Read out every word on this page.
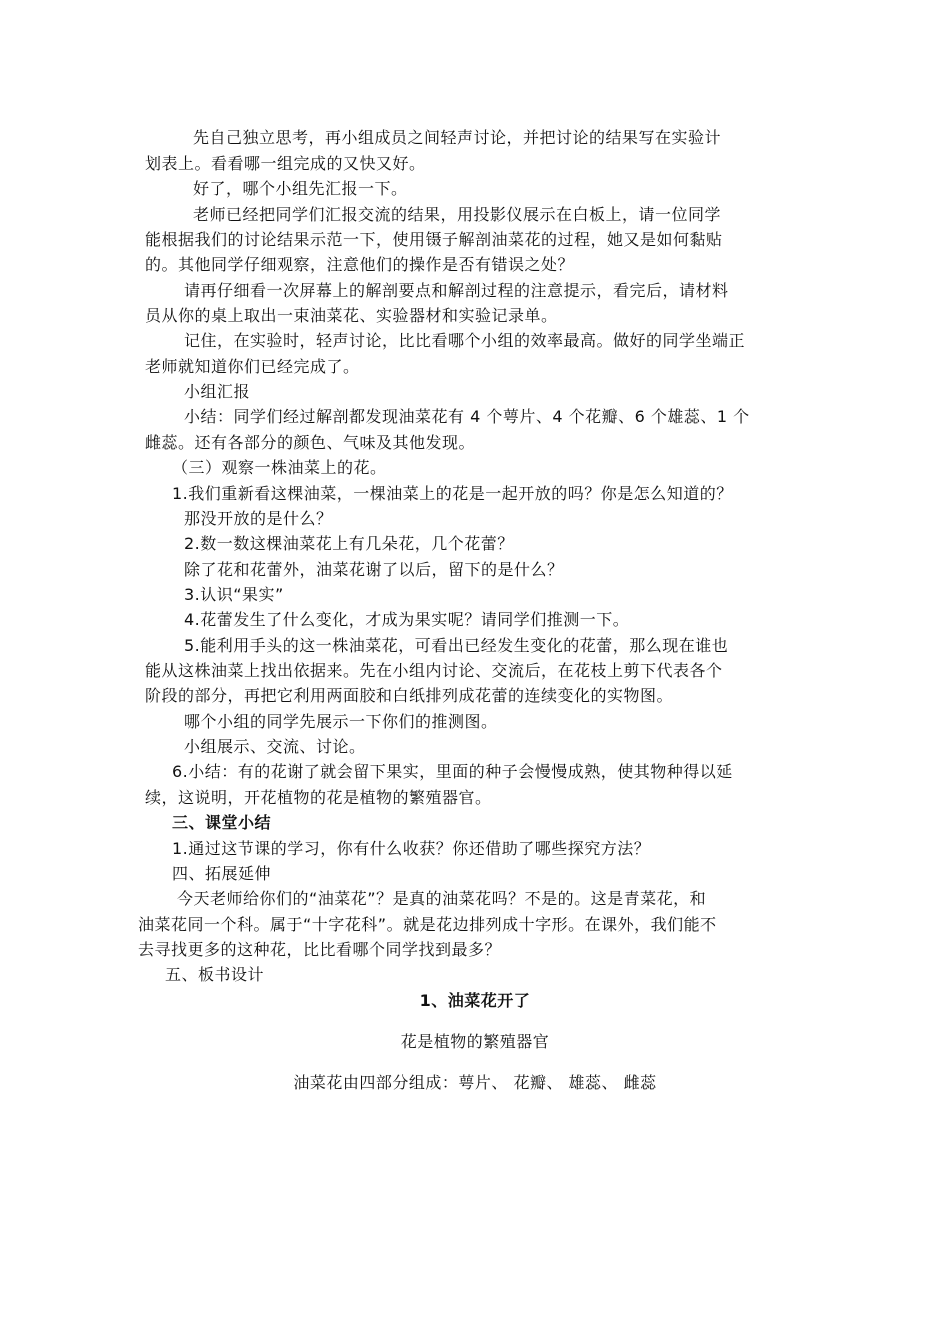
先自己独立思考，再小组成员之间轻声讨论，并把讨论的结果写在实验计
划表上。看看哪一组完成的又快又好。
好了，哪个小组先汇报一下。
老师已经把同学们汇报交流的结果，用投影仪展示在白板上，请一位同学
能根据我们的讨论结果示范一下，使用镊子解剖油菜花的过程，她又是如何黏贴
的。其他同学仔细观察，注意他们的操作是否有错误之处？
请再仔细看一次屏幕上的解剖要点和解剖过程的注意提示，看完后，请材料
员从你的桌上取出一束油菜花、实验器材和实验记录单。
记住，在实验时，轻声讨论，比比看哪个小组的效率最高。做好的同学坐端正
老师就知道你们已经完成了。
小组汇报
小结：同学们经过解剖都发现油菜花有 4 个萼片、4 个花瓣、6 个雄蕊、1 个
雌蕊。还有各部分的颜色、气味及其他发现。
（三）观察一株油菜上的花。
1.我们重新看这棵油菜，一棵油菜上的花是一起开放的吗？你是怎么知道的？
那没开放的是什么？
2.数一数这棵油菜花上有几朵花，几个花蕾？
除了花和花蕾外，油菜花谢了以后，留下的是什么？
3.认识“果实”
4.花蕾发生了什么变化，才成为果实呢？请同学们推测一下。
5.能利用手头的这一株油菜花，可看出已经发生变化的花蕾，那么现在谁也
能从这株油菜上找出依据来。先在小组内讨论、交流后，在花枝上剪下代表各个
阶段的部分，再把它利用两面胶和白纸排列成花蕾的连续变化的实物图。
哪个小组的同学先展示一下你们的推测图。
小组展示、交流、讨论。
6.小结：有的花谢了就会留下果实，里面的种子会慢慢成熟，使其物种得以延
续，这说明，开花植物的花是植物的繁殖器官。
三、课堂小结
1.通过这节课的学习，你有什么收获？你还借助了哪些探究方法？
四、拓展延伸
今天老师给你们的“油菜花”？是真的油菜花吗？不是的。这是青菜花，和
油菜花同一个科。属于“十字花科”。就是花边排列成十字形。在课外，我们能不
去寻找更多的这种花，比比看哪个同学找到最多？
五、板书设计
1、油菜花开了
花是植物的繁殖器官
油菜花由四部分组成：萼片、 花瓣、 雄蕊、 雌蕊
